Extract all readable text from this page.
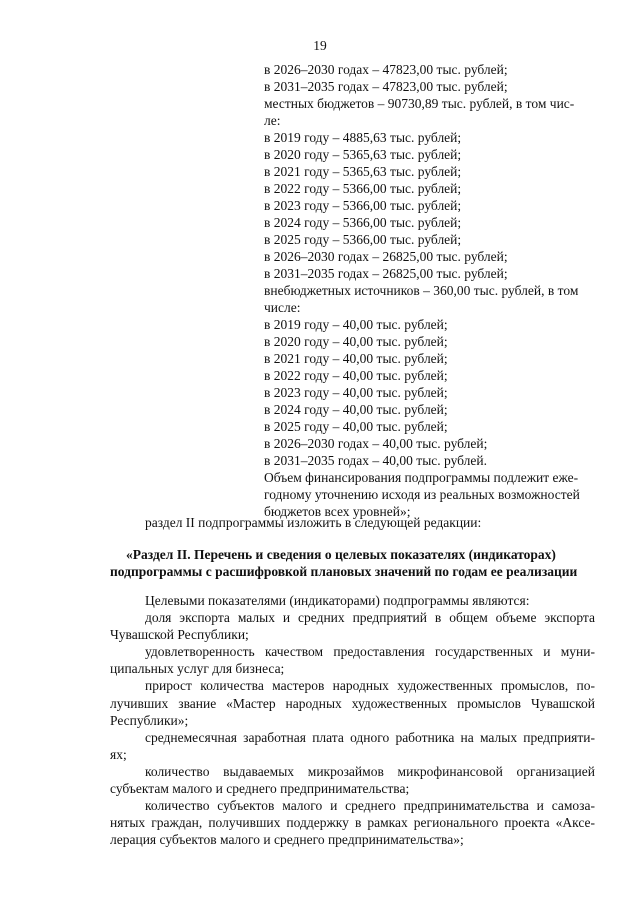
19
в 2026–2030 годах – 47823,00 тыс. рублей;
в 2031–2035 годах – 47823,00 тыс. рублей;
местных бюджетов – 90730,89 тыс. рублей, в том чис-
ле:
в 2019 году – 4885,63 тыс. рублей;
в 2020 году – 5365,63 тыс. рублей;
в 2021 году – 5365,63 тыс. рублей;
в 2022 году – 5366,00 тыс. рублей;
в 2023 году – 5366,00 тыс. рублей;
в 2024 году – 5366,00 тыс. рублей;
в 2025 году – 5366,00 тыс. рублей;
в 2026–2030 годах – 26825,00 тыс. рублей;
в 2031–2035 годах – 26825,00 тыс. рублей;
внебюджетных источников – 360,00 тыс. рублей, в том
числе:
в 2019 году – 40,00 тыс. рублей;
в 2020 году – 40,00 тыс. рублей;
в 2021 году – 40,00 тыс. рублей;
в 2022 году – 40,00 тыс. рублей;
в 2023 году – 40,00 тыс. рублей;
в 2024 году – 40,00 тыс. рублей;
в 2025 году – 40,00 тыс. рублей;
в 2026–2030 годах – 40,00 тыс. рублей;
в 2031–2035 годах – 40,00 тыс. рублей.
Объем финансирования подпрограммы подлежит еже-
годному уточнению исходя из реальных возможностей
бюджетов всех уровней»;
раздел II подпрограммы изложить в следующей редакции:
«Раздел II. Перечень и сведения о целевых показателях (индикаторах)
подпрограммы с расшифровкой плановых значений по годам ее реализации
Целевыми показателями (индикаторами) подпрограммы являются:
доля экспорта малых и средних предприятий в общем объеме экспорта
Чувашской Республики;
удовлетворенность качеством предоставления государственных и муни-
ципальных услуг для бизнеса;
прирост количества мастеров народных художественных промыслов, по-
лучивших звание «Мастер народных художественных промыслов Чувашской
Республики»;
среднемесячная заработная плата одного работника на малых предприяти-
ях;
количество выдаваемых микрозаймов микрофинансовой организацией
субъектам малого и среднего предпринимательства;
количество субъектов малого и среднего предпринимательства и самоза-
нятых граждан, получивших поддержку в рамках регионального проекта «Аксе-
лерация субъектов малого и среднего предпринимательства»;
